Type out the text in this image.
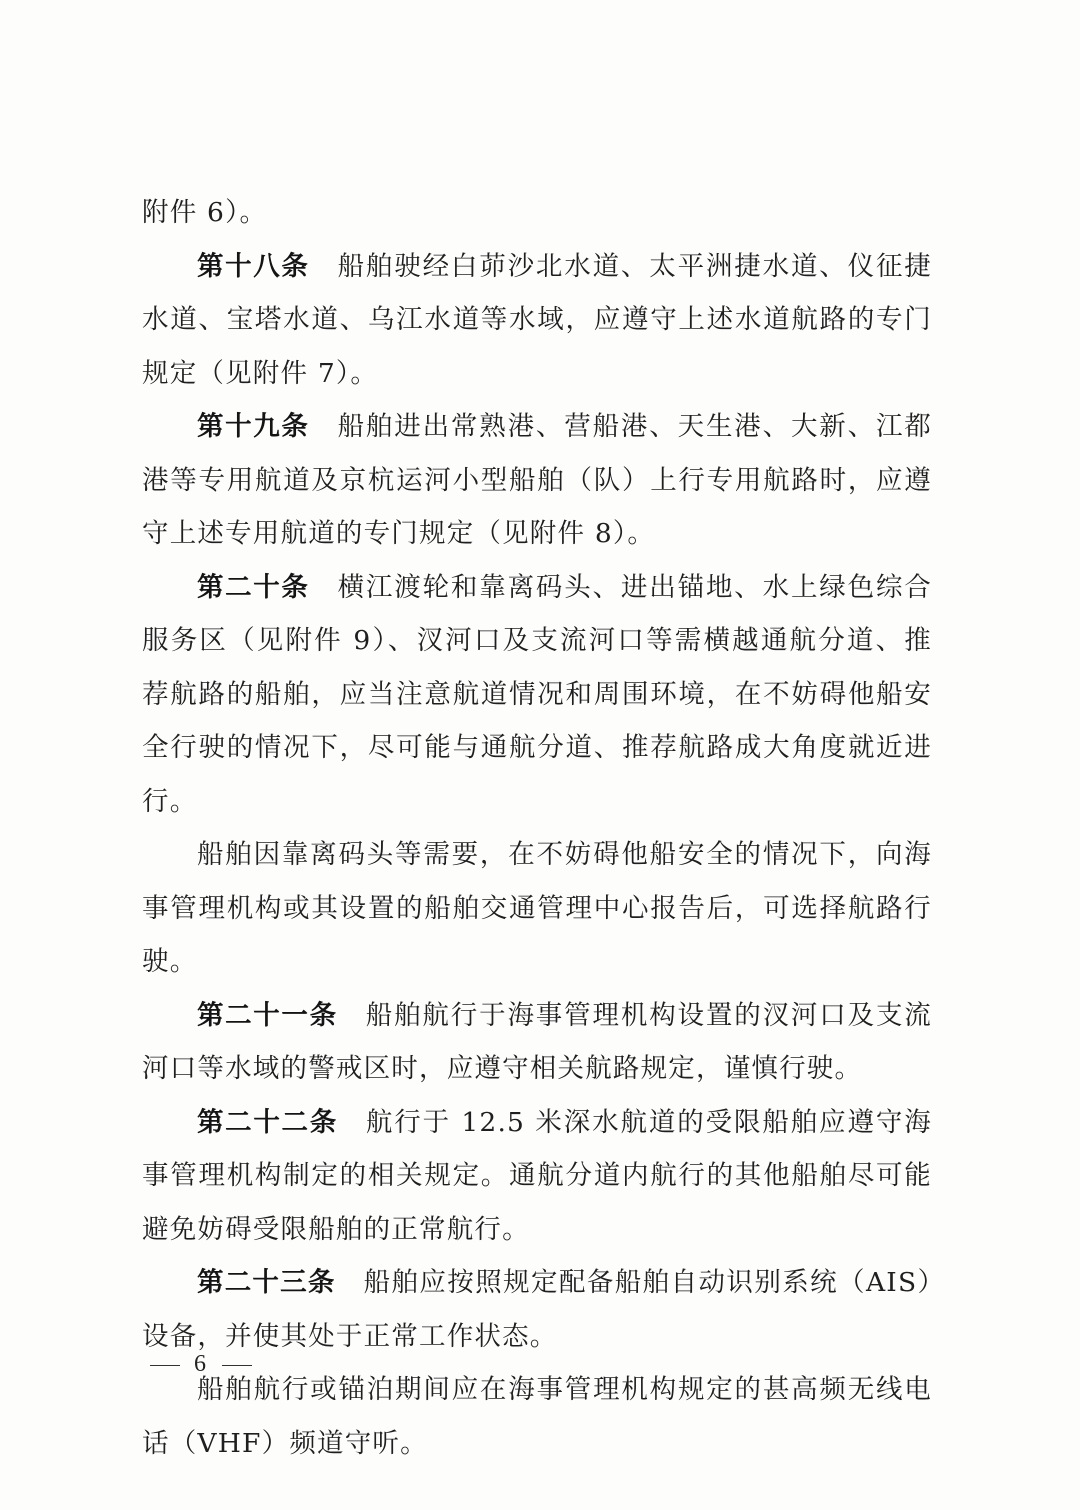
附件 6）。

第十八条 船舶驶经白茆沙北水道、太平洲捷水道、仪征捷水道、宝塔水道、乌江水道等水域，应遵守上述水道航路的专门规定（见附件 7）。

第十九条 船舶进出常熟港、营船港、天生港、大新、江都港等专用航道及京杭运河小型船舶（队）上行专用航路时，应遵守上述专用航道的专门规定（见附件 8）。

第二十条 横江渡轮和靠离码头、进出锚地、水上绿色综合服务区（见附件 9）、汊河口及支流河口等需横越通航分道、推荐航路的船舶，应当注意航道情况和周围环境，在不妨碍他船安全行驶的情况下，尽可能与通航分道、推荐航路成大角度就近进行。

船舶因靠离码头等需要，在不妨碍他船安全的情况下，向海事管理机构或其设置的船舶交通管理中心报告后，可选择航路行驶。

第二十一条 船舶航行于海事管理机构设置的汊河口及支流河口等水域的警戒区时，应遵守相关航路规定，谨慎行驶。

第二十二条 航行于 12.5 米深水航道的受限船舶应遵守海事管理机构制定的相关规定。通航分道内航行的其他船舶尽可能避免妨碍受限船舶的正常航行。

第二十三条 船舶应按照规定配备船舶自动识别系统（AIS）设备，并使其处于正常工作状态。

船舶航行或锚泊期间应在海事管理机构规定的甚高频无线电话（VHF）频道守听。

6
